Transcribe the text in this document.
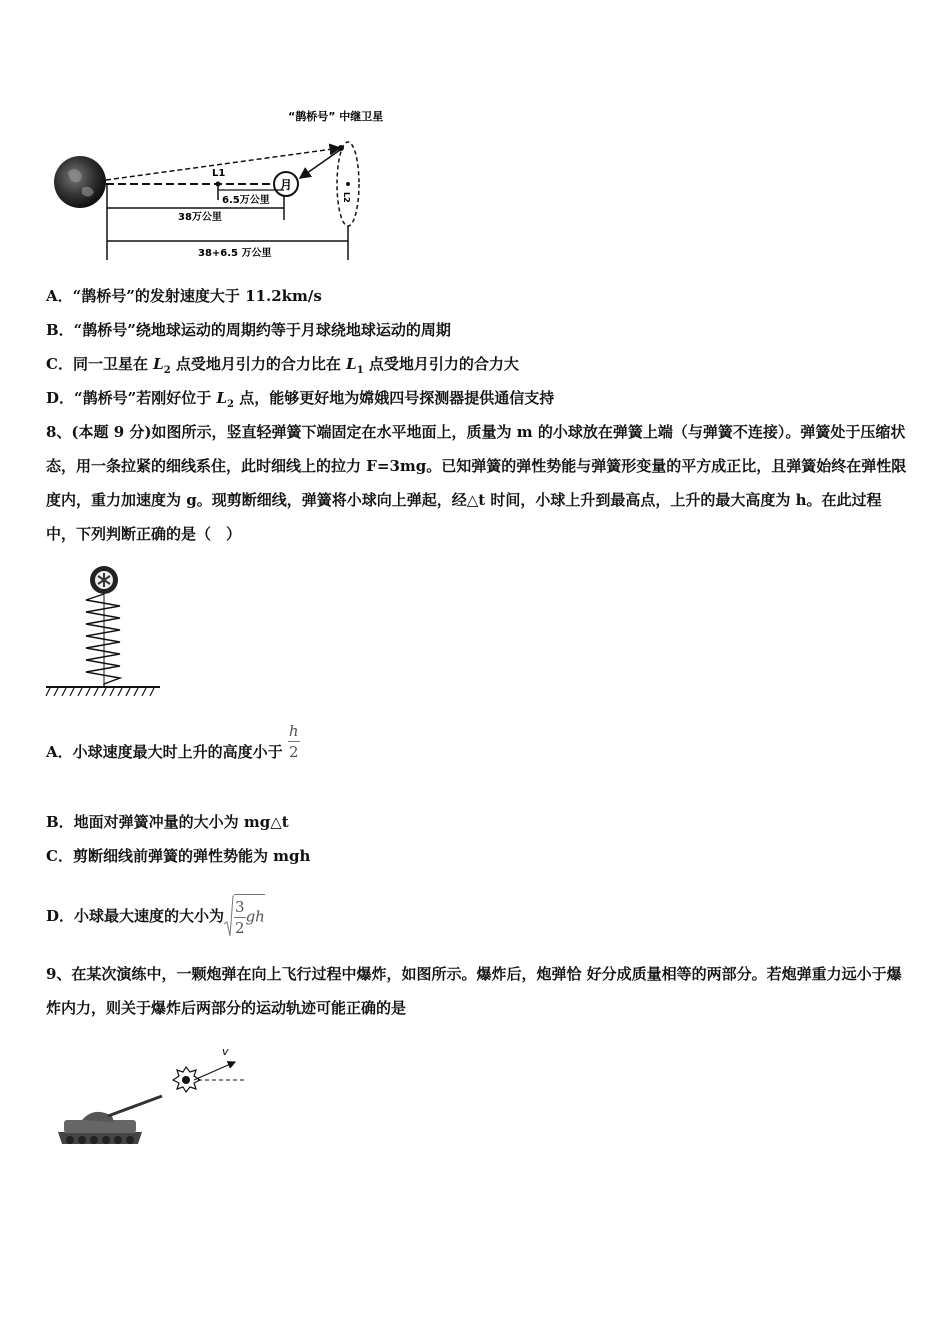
L1
月
L2
“鹊桥号” 中继卫星
6.5万公里
38万公里
38+6.5 万公里
A．“鹊桥号”的发射速度大于 11.2km/s
B．“鹊桥号”绕地球运动的周期约等于月球绕地球运动的周期
C．同一卫星在 $L_2$ 点受地月引力的合力比在 $L_1$ 点受地月引力的合力大
D．“鹊桥号”若刚好位于 $L_2$ 点，能够更好地为嫦娥四号探测器提供通信支持
8、(本题 9 分)如图所示，竖直轻弹簧下端固定在水平地面上，质量为 m 的小球放在弹簧上端（与弹簧不连接）。弹簧处于压缩状态，用一条拉紧的细线系住，此时细线上的拉力 F=3mg。已知弹簧的弹性势能与弹簧形变量的平方成正比，且弹簧始终在弹性限度内，重力加速度为 g。现剪断细线，弹簧将小球向上弹起，经△t 时间，小球上升到最高点，上升的最大高度为 h。在此过程中，下列判断正确的是（　）
A．小球速度最大时上升的高度小于 $\frac{h}{2}$
B．地面对弹簧冲量的大小为 mg△t
C．剪断细线前弹簧的弹性势能为 mgh
D．小球最大速度的大小为 $\frac{3}{2}$ gh
9、在某次演练中，一颗炮弹在向上飞行过程中爆炸，如图所示。爆炸后，炮弹恰 好分成质量相等的两部分。若炮弹重力远小于爆炸内力，则关于爆炸后两部分的运动轨迹可能正确的是
v
